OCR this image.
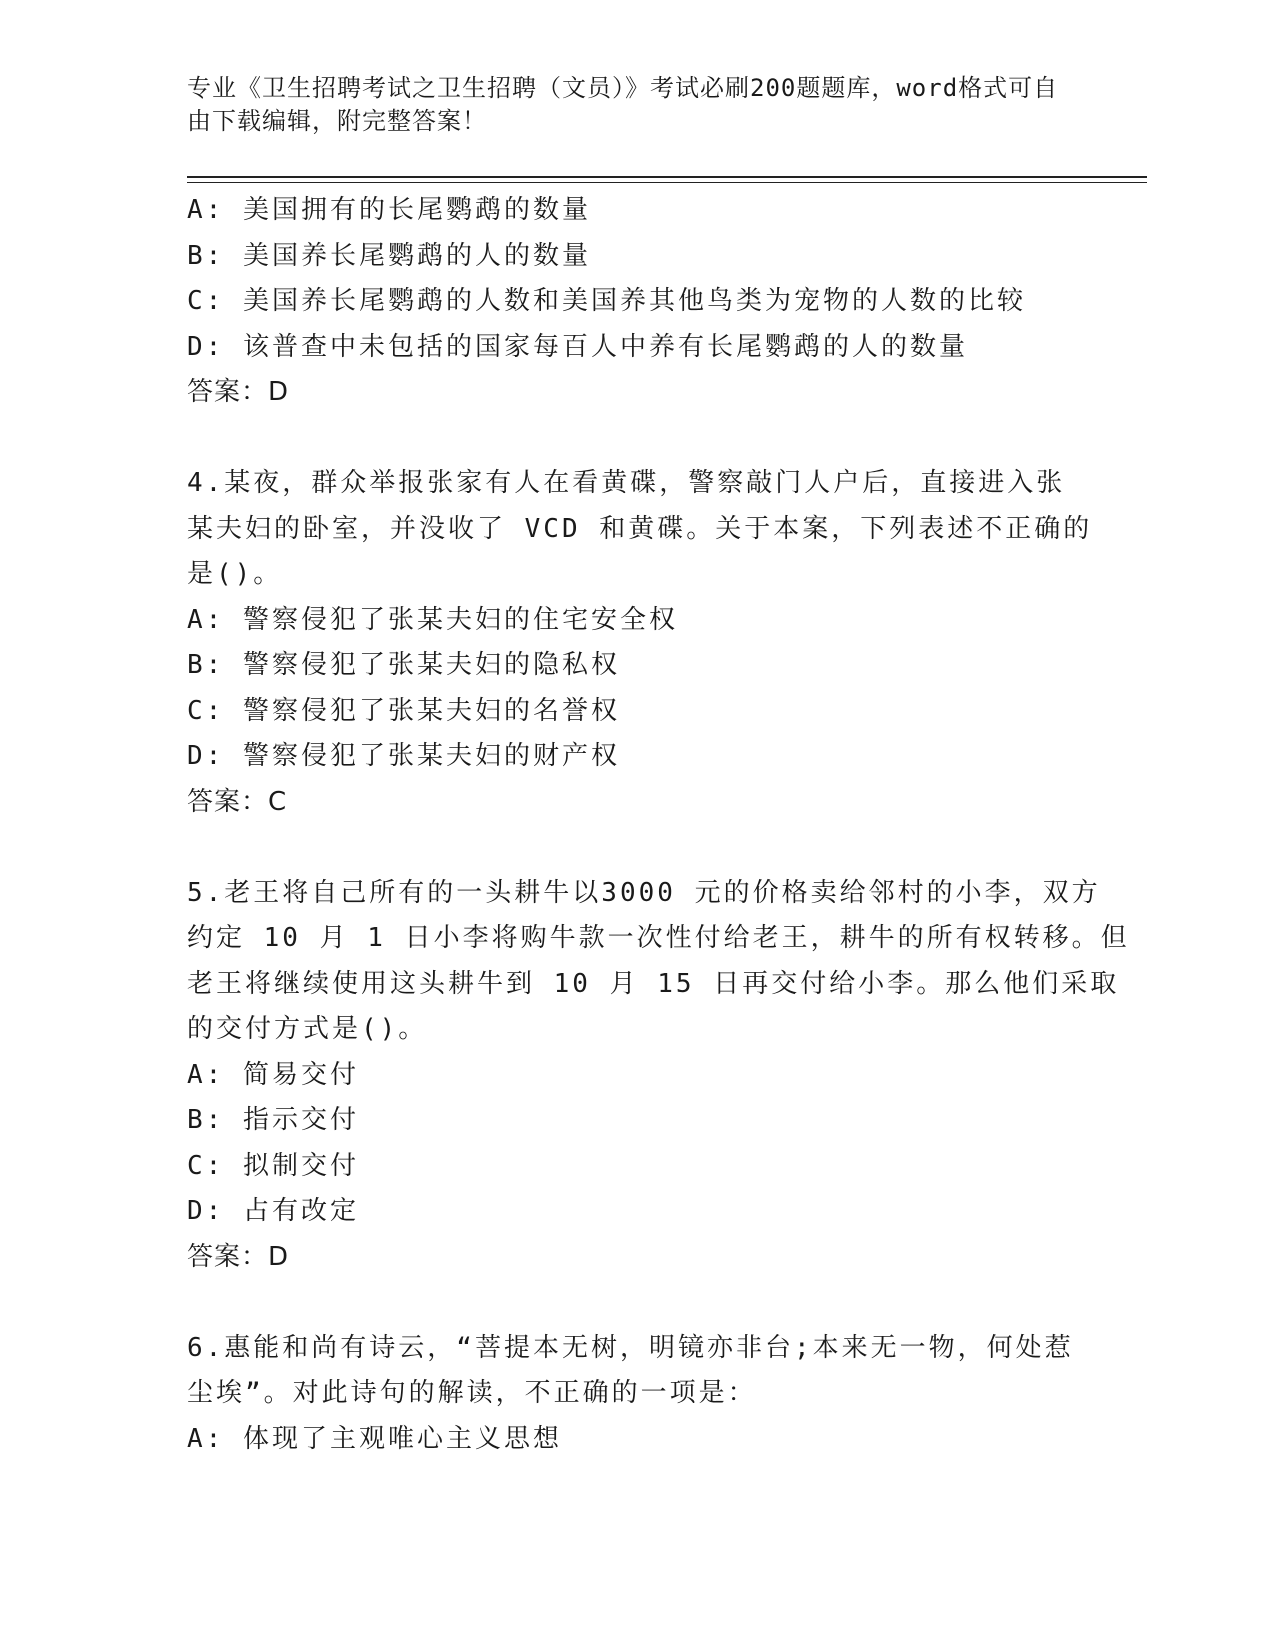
专业《卫生招聘考试之卫生招聘（文员）》考试必刷200题题库，word格式可自
由下载编辑，附完整答案！
A: 美国拥有的长尾鹦鹉的数量
B: 美国养长尾鹦鹉的人的数量
C: 美国养长尾鹦鹉的人数和美国养其他鸟类为宠物的人数的比较
D: 该普查中未包括的国家每百人中养有长尾鹦鹉的人的数量
答案：D
4.某夜，群众举报张家有人在看黄碟，警察敲门人户后，直接进入张
某夫妇的卧室，并没收了 VCD 和黄碟。关于本案，下列表述不正确的
是()。
A: 警察侵犯了张某夫妇的住宅安全权
B: 警察侵犯了张某夫妇的隐私权
C: 警察侵犯了张某夫妇的名誉权
D: 警察侵犯了张某夫妇的财产权
答案：C
5.老王将自己所有的一头耕牛以3000 元的价格卖给邻村的小李，双方
约定 10 月 1 日小李将购牛款一次性付给老王，耕牛的所有权转移。但
老王将继续使用这头耕牛到 10 月 15 日再交付给小李。那么他们采取
的交付方式是()。
A: 简易交付
B: 指示交付
C: 拟制交付
D: 占有改定
答案：D
6.惠能和尚有诗云，“菩提本无树，明镜亦非台;本来无一物，何处惹
尘埃”。对此诗句的解读，不正确的一项是：
A: 体现了主观唯心主义思想
